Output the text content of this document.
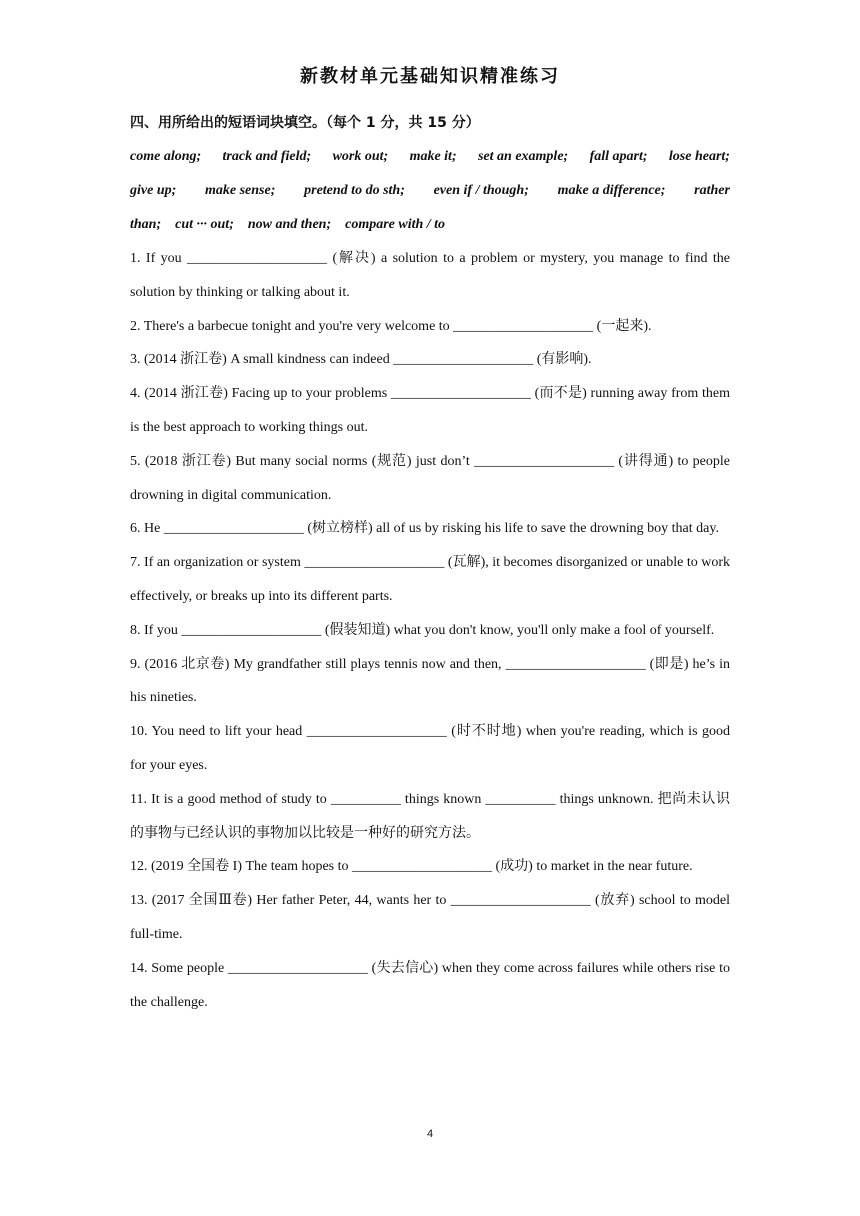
新教材单元基础知识精准练习
四、用所给出的短语词块填空。（每个 1 分，共 15 分）
come along; track and field; work out; make it; set an example; fall apart; lose heart;
give up; make sense; pretend to do sth; even if / though; make a difference; rather
than; cut ··· out; now and then; compare with / to
1. If you ____________________ (解决) a solution to a problem or mystery, you manage to find the solution by thinking or talking about it.
2. There's a barbecue tonight and you're very welcome to ____________________ (一起来).
3. (2014 浙江卷) A small kindness can indeed ____________________ (有影响).
4. (2014 浙江卷) Facing up to your problems ____________________ (而不是) running away from them is the best approach to working things out.
5. (2018 浙江卷) But many social norms (规范) just don’t ____________________ (讲得通) to people drowning in digital communication.
6. He ____________________ (树立榜样) all of us by risking his life to save the drowning boy that day.
7. If an organization or system ____________________ (瓦解), it becomes disorganized or unable to work effectively, or breaks up into its different parts.
8. If you ____________________ (假装知道) what you don't know, you'll only make a fool of yourself.
9. (2016 北京卷) My grandfather still plays tennis now and then, ____________________ (即是) he’s in his nineties.
10. You need to lift your head ____________________ (时不时地) when you're reading, which is good for your eyes.
11. It is a good method of study to __________ things known __________ things unknown. 把尚未认识的事物与已经认识的事物加以比较是一种好的研究方法。
12. (2019 全国卷 I) The team hopes to ____________________ (成功) to market in the near future.
13. (2017 全国Ⅲ卷) Her father Peter, 44, wants her to ____________________ (放弃) school to model full-time.
14. Some people ____________________ (失去信心) when they come across failures while others rise to the challenge.
4
